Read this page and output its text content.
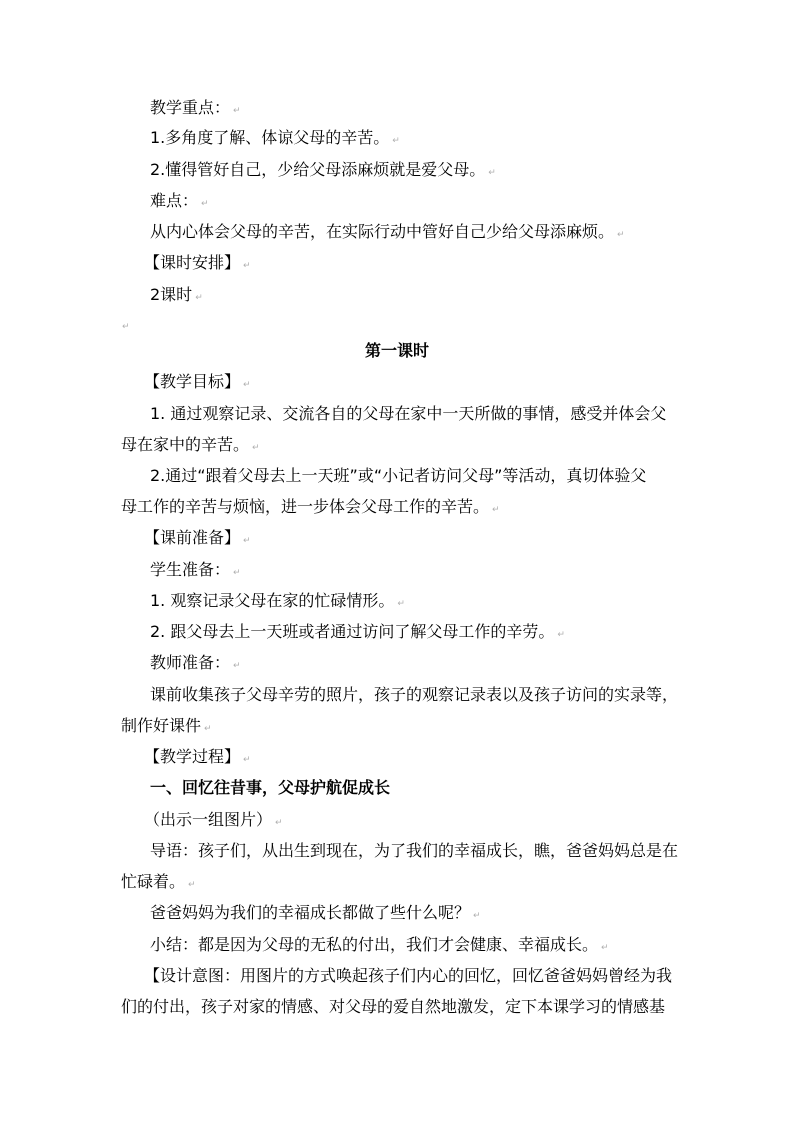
教学重点： ↵
1.多角度了解、体谅父母的辛苦。 ↵
2.懂得管好自己，少给父母添麻烦就是爱父母。 ↵
难点： ↵
从内心体会父母的辛苦，在实际行动中管好自己少给父母添麻烦。 ↵
【课时安排】 ↵
2课时 ↵
↵
第一课时
【教学目标】 ↵
1. 通过观察记录、交流各自的父母在家中一天所做的事情，感受并体会父
母在家中的辛苦。 ↵
2.通过“跟着父母去上一天班”或“小记者访问父母”等活动，真切体验父
母工作的辛苦与烦恼，进一步体会父母工作的辛苦。 ↵
【课前准备】 ↵
学生准备： ↵
1. 观察记录父母在家的忙碌情形。 ↵
2. 跟父母去上一天班或者通过访问了解父母工作的辛劳。 ↵
教师准备： ↵
课前收集孩子父母辛劳的照片，孩子的观察记录表以及孩子访问的实录等，
制作好课件 ↵
【教学过程】 ↵
一、回忆往昔事，父母护航促成长
（出示一组图片） ↵
导语：孩子们，从出生到现在，为了我们的幸福成长，瞧，爸爸妈妈总是在
忙碌着。 ↵
爸爸妈妈为我们的幸福成长都做了些什么呢？ ↵
小结：都是因为父母的无私的付出，我们才会健康、幸福成长。 ↵
【设计意图：用图片的方式唤起孩子们内心的回忆，回忆爸爸妈妈曾经为我
们的付出，孩子对家的情感、对父母的爱自然地激发，定下本课学习的情感基
